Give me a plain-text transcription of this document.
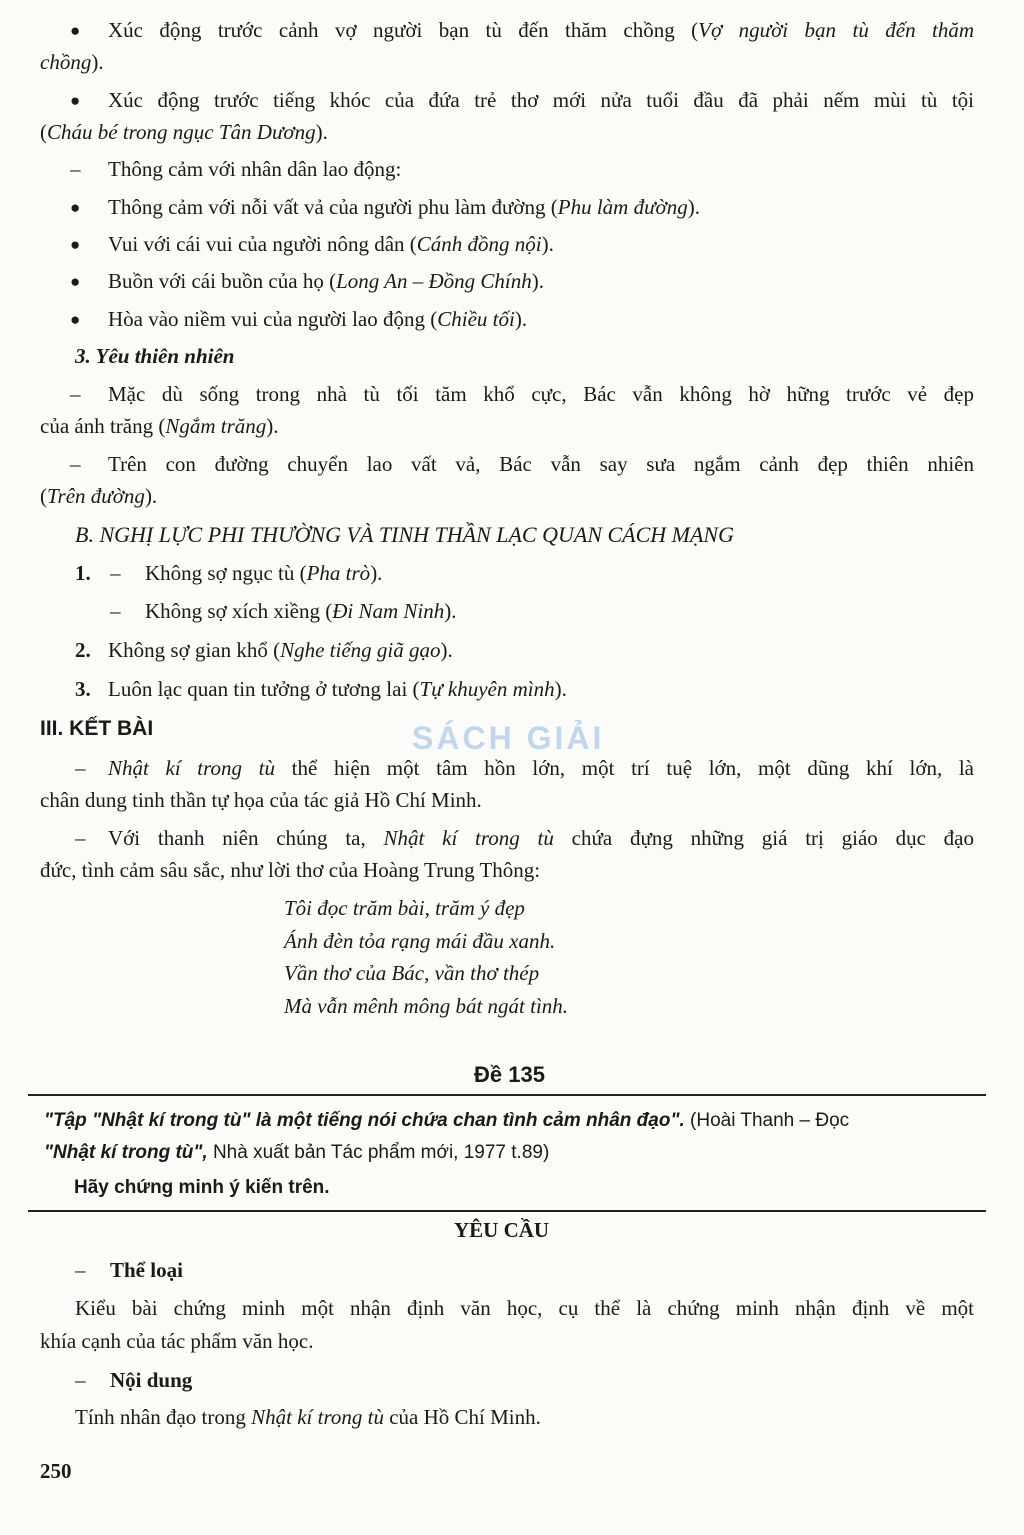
● Xúc động trước cảnh vợ người bạn tù đến thăm chồng (Vợ người bạn tù đến thăm
chồng).
● Xúc động trước tiếng khóc của đứa trẻ thơ mới nửa tuổi đầu đã phải nếm mùi tù tội
(Cháu bé trong ngục Tân Dương).
– Thông cảm với nhân dân lao động:
● Thông cảm với nỗi vất vả của người phu làm đường (Phu làm đường).
● Vui với cái vui của người nông dân (Cánh đồng nội).
● Buồn với cái buồn của họ (Long An – Đồng Chính).
● Hòa vào niềm vui của người lao động (Chiều tối).
3. Yêu thiên nhiên
– Mặc dù sống trong nhà tù tối tăm khổ cực, Bác vẫn không hờ hững trước vẻ đẹp
của ánh trăng (Ngắm trăng).
– Trên con đường chuyển lao vất vả, Bác vẫn say sưa ngắm cảnh đẹp thiên nhiên
(Trên đường).
B. NGHỊ LỰC PHI THƯỜNG VÀ TINH THẦN LẠC QUAN CÁCH MẠNG
1. – Không sợ ngục tù (Pha trò).
– Không sợ xích xiềng (Đi Nam Ninh).
2. Không sợ gian khổ (Nghe tiếng giã gạo).
3. Luôn lạc quan tin tưởng ở tương lai (Tự khuyên mình).
III. KẾT BÀI	SÁCH GIẢI
– Nhật kí trong tù thể hiện một tâm hồn lớn, một trí tuệ lớn, một dũng khí lớn, là
chân dung tinh thần tự họa của tác giả Hồ Chí Minh.
– Với thanh niên chúng ta, Nhật kí trong tù chứa đựng những giá trị giáo dục đạo
đức, tình cảm sâu sắc, như lời thơ của Hoàng Trung Thông:
Tôi đọc trăm bài, trăm ý đẹp
Ánh đèn tỏa rạng mái đầu xanh.
Vần thơ của Bác, vần thơ thép
Mà vẫn mênh mông bát ngát tình.
Đề 135
"Tập "Nhật kí trong tù" là một tiếng nói chứa chan tình cảm nhân đạo". (Hoài Thanh – Đọc
"Nhật kí trong tù", Nhà xuất bản Tác phẩm mới, 1977 t.89)
Hãy chứng minh ý kiến trên.
YÊU CẦU
– Thể loại
Kiểu bài chứng minh một nhận định văn học, cụ thể là chứng minh nhận định về một
khía cạnh của tác phẩm văn học.
– Nội dung
Tính nhân đạo trong Nhật kí trong tù của Hồ Chí Minh.
250
